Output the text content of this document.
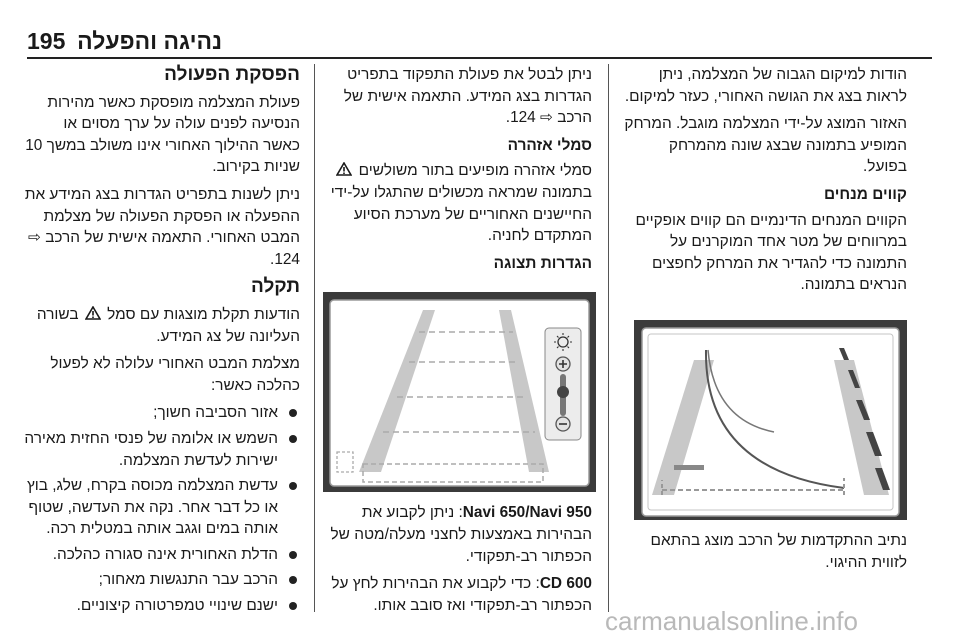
195 נהיגה והפעלה

הודות למיקום הגבוה של המצלמה, ניתן לראות בצג את הגושה האחורי, כעזר למיקום.

האזור המוצג על-ידי המצלמה מוגבל. המרחק המופיע בתמונה שבצג שונה מהמרחק בפועל.

קווים מנחים

הקווים המנחים הדינמיים הם קווים אופקיים במרווחים של מטר אחד המוקרנים על התמונה כדי להגדיר את המרחק לחפצים הנראים בתמונה.

נתיב ההתקדמות של הרכב מוצג בהתאם לזווית ההיגוי.

ניתן לבטל את פעולת התפקוד בתפריט הגדרות בצג המידע. התאמה אישית של הרכב ⇨ 124.

סמלי אזהרה

סמלי אזהרה מופיעים בתור משולשים  בתמונה שמראה מכשולים שהתגלו על-ידי החיישנים האחוריים של מערכת הסיוע המתקדם לחניה.

הגדרות תצוגה

Navi 650/Navi 950: ניתן לקבוע את הבהירות באמצעות לחצני מעלה/מטה של הכפתור רב-תפקודי.

CD 600: כדי לקבוע את הבהירות לחץ על הכפתור רב-תפקודי ואז סובב אותו.

הפסקת הפעולה

פעולת המצלמה מופסקת כאשר מהירות הנסיעה לפנים עולה על ערך מסוים או כאשר ההילוך האחורי אינו משולב במשך 10 שניות בקירוב.

ניתן לשנות בתפריט הגדרות בצג המידע את ההפעלה או הפסקת הפעולה של מצלמת המבט האחורי. התאמה אישית של הרכב ⇨ 124.

תקלה

הודעות תקלת מוצגות עם סמל  בשורה העליונה של צג המידע.

מצלמת המבט האחורי עלולה לא לפעול כהלכה כאשר:

אזור הסביבה חשוך;
השמש או אלומה של פנסי החזית מאירה ישירות לעדשת המצלמה.
עדשת המצלמה מכוסה בקרח, שלג, בוץ או כל דבר אחר. נקה את העדשה, שטוף אותה במים וגגב אותה במטלית רכה.
הדלת האחורית אינה סגורה כהלכה.
הרכב עבר התנגשות מאחור;
ישנם שינויי טמפרטורה קיצוניים.
carmanualsonline.info
